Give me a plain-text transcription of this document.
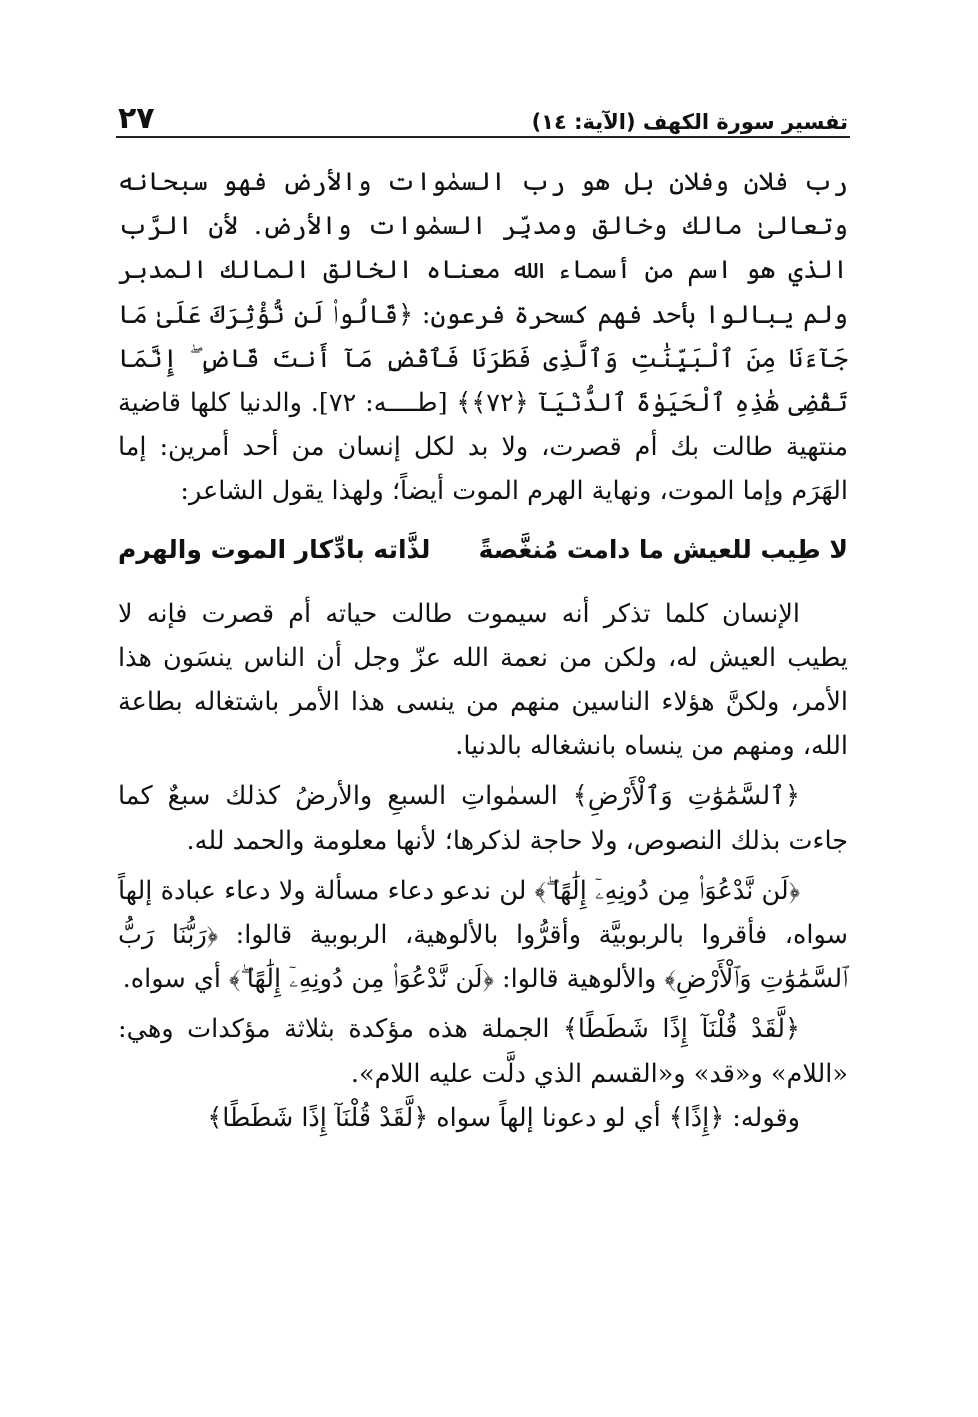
تفسير سورة الكهف (الآية: ١٤)
٢٧

رب فلان وفلان بل هو رب السمٰوات والأرض فهو سبحانه وتعالىٰ مالك وخالق ومدبِّر السمٰوات والأرض. لأن الرَّب الذي هو اسم من أسماء الله معناه الخالق المالك المدبر ولم يبالوا بأحد فهم كسحرة فرعون: ﴿قَالُوا۟ لَن نُّؤْثِرَكَ عَلَىٰ مَا جَآءَنَا مِنَ ٱلْبَيِّنَٰتِ وَٱلَّذِى فَطَرَنَا فَٱقْضِ مَآ أَنتَ قَاضٍ ۖ إِنَّمَا تَقْضِى هَٰذِهِ ٱلْحَيَوٰةَ ٱلدُّنْيَآ ﴿٧٢﴾﴾ [طــــه: ٧٢]. والدنيا كلها قاضية منتهية طالت بك أم قصرت، ولا بد لكل إنسان من أحد أمرين: إما الهَرَم وإما الموت، ونهاية الهرم الموت أيضاً؛ ولهذا يقول الشاعر:

لا طِيب للعيش ما دامت مُنغَّصةً
لذَّاته بادِّكار الموت والهرم

الإنسان كلما تذكر أنه سيموت طالت حياته أم قصرت فإنه لا يطيب العيش له، ولكن من نعمة الله عزّ وجل أن الناس ينسَون هذا الأمر، ولكنَّ هؤلاء الناسين منهم من ينسى هذا الأمر باشتغاله بطاعة الله، ومنهم من ينساه بانشغاله بالدنيا.

﴿ٱلسَّمَٰوَٰتِ وَٱلْأَرْضِ﴾ السمٰواتِ السبعِ والأرضُ كذلك سبعٌ كما جاءت بذلك النصوص، ولا حاجة لذكرها؛ لأنها معلومة والحمد لله.

﴿لَن نَّدْعُوَا۟ مِن دُونِهِۦٓ إِلَٰهًا ۖ﴾ لن ندعو دعاء مسألة ولا دعاء عبادة إلهاً سواه، فأقروا بالربوبيَّة وأقرُّوا بالألوهية، الربوبية قالوا: ﴿رَبُّنَا رَبُّ ٱلسَّمَٰوَٰتِ وَٱلْأَرْضِ﴾ والألوهية قالوا: ﴿لَن نَّدْعُوَا۟ مِن دُونِهِۦٓ إِلَٰهًا ۖ﴾ أي سواه.

﴿لَّقَدْ قُلْنَآ إِذًا شَطَطًا﴾ الجملة هذه مؤكدة بثلاثة مؤكدات وهي: «اللام» و«قد» و«القسم الذي دلَّت عليه اللام».

وقوله: ﴿إِذًا﴾ أي لو دعونا إلهاً سواه ﴿لَّقَدْ قُلْنَآ إِذًا شَطَطًا﴾
